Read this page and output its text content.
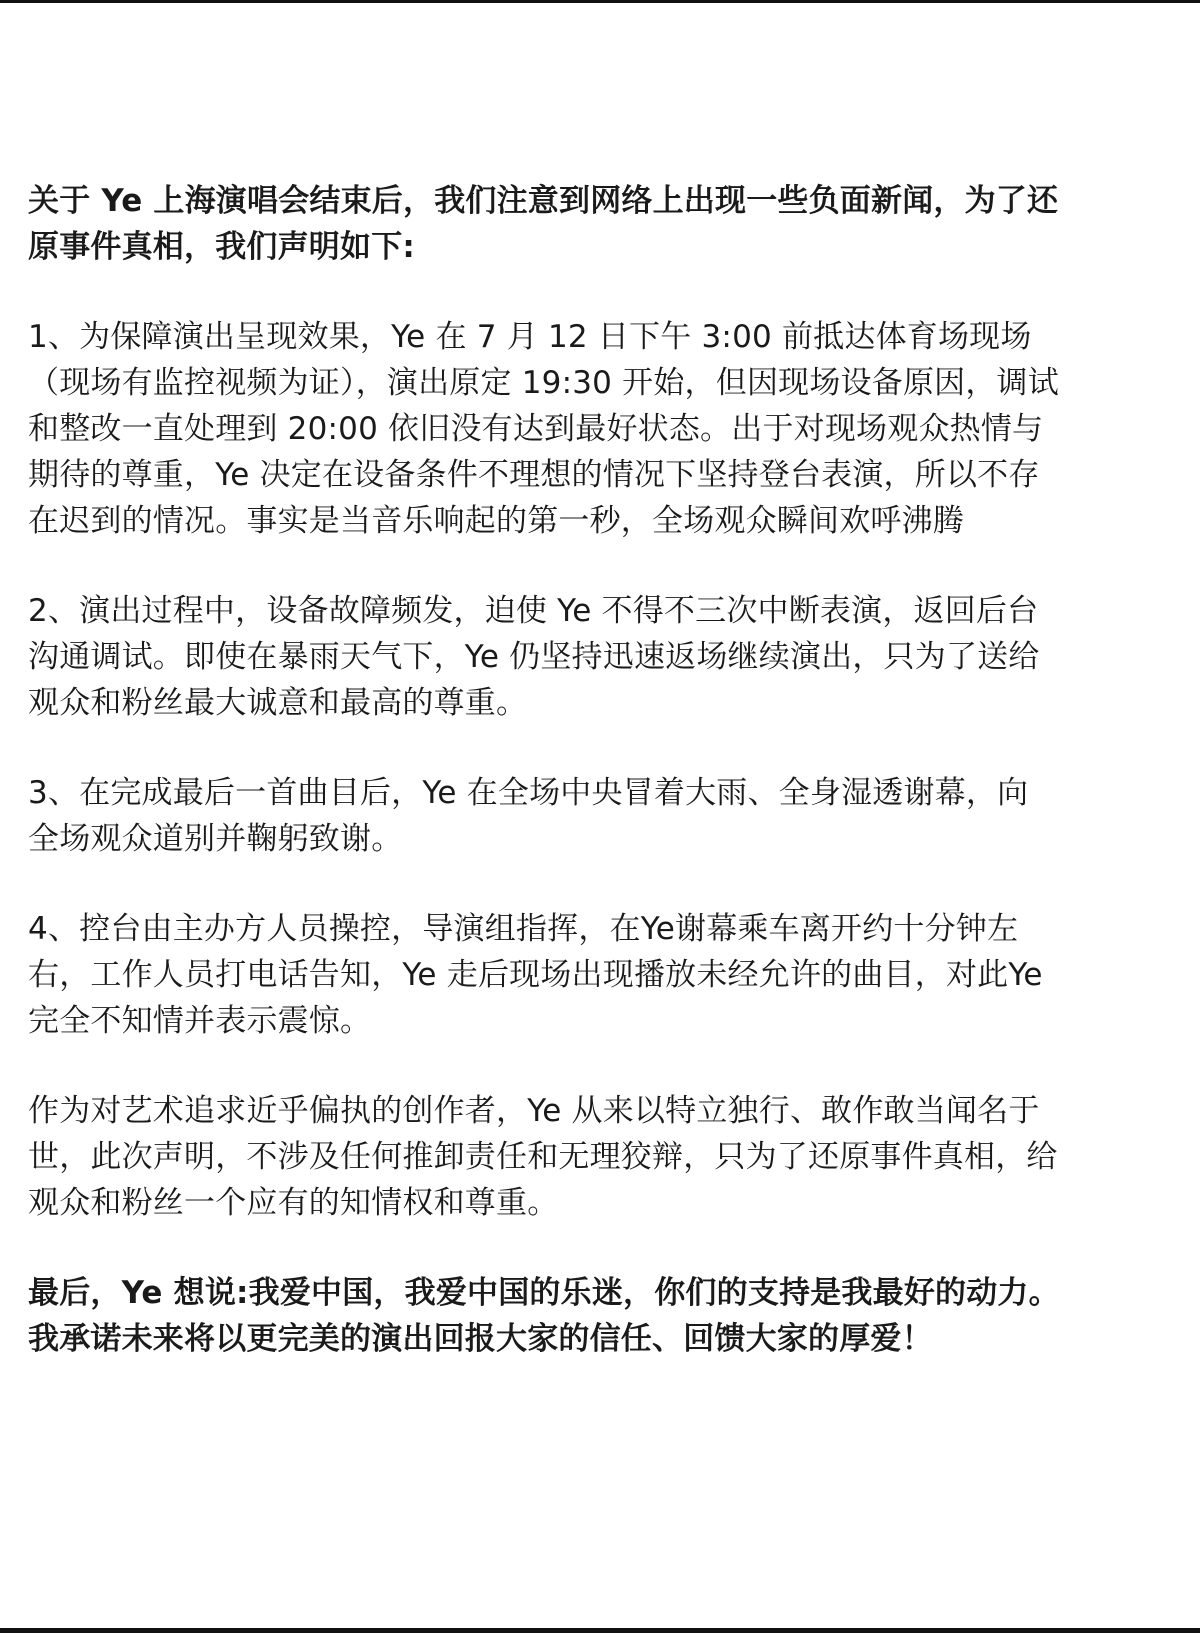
关于 Ye 上海演唱会结束后，我们注意到网络上出现一些负面新闻，为了还
原事件真相，我们声明如下:

1、为保障演出呈现效果，Ye 在 7 月 12 日下午 3:00 前抵达体育场现场
（现场有监控视频为证），演出原定 19:30 开始，但因现场设备原因，调试
和整改一直处理到 20:00 依旧没有达到最好状态。出于对现场观众热情与
期待的尊重，Ye 决定在设备条件不理想的情况下坚持登台表演，所以不存
在迟到的情况。事实是当音乐响起的第一秒，全场观众瞬间欢呼沸腾

2、演出过程中，设备故障频发，迫使 Ye 不得不三次中断表演，返回后台
沟通调试。即使在暴雨天气下，Ye 仍坚持迅速返场继续演出，只为了送给
观众和粉丝最大诚意和最高的尊重。

3、在完成最后一首曲目后，Ye 在全场中央冒着大雨、全身湿透谢幕，向
全场观众道别并鞠躬致谢。

4、控台由主办方人员操控，导演组指挥，在Ye谢幕乘车离开约十分钟左
右，工作人员打电话告知，Ye 走后现场出现播放未经允许的曲目，对此Ye
完全不知情并表示震惊。

作为对艺术追求近乎偏执的创作者，Ye 从来以特立独行、敢作敢当闻名于
世，此次声明，不涉及任何推卸责任和无理狡辩，只为了还原事件真相，给
观众和粉丝一个应有的知情权和尊重。

最后，Ye 想说:我爱中国，我爱中国的乐迷，你们的支持是我最好的动力。
我承诺未来将以更完美的演出回报大家的信任、回馈大家的厚爱！
